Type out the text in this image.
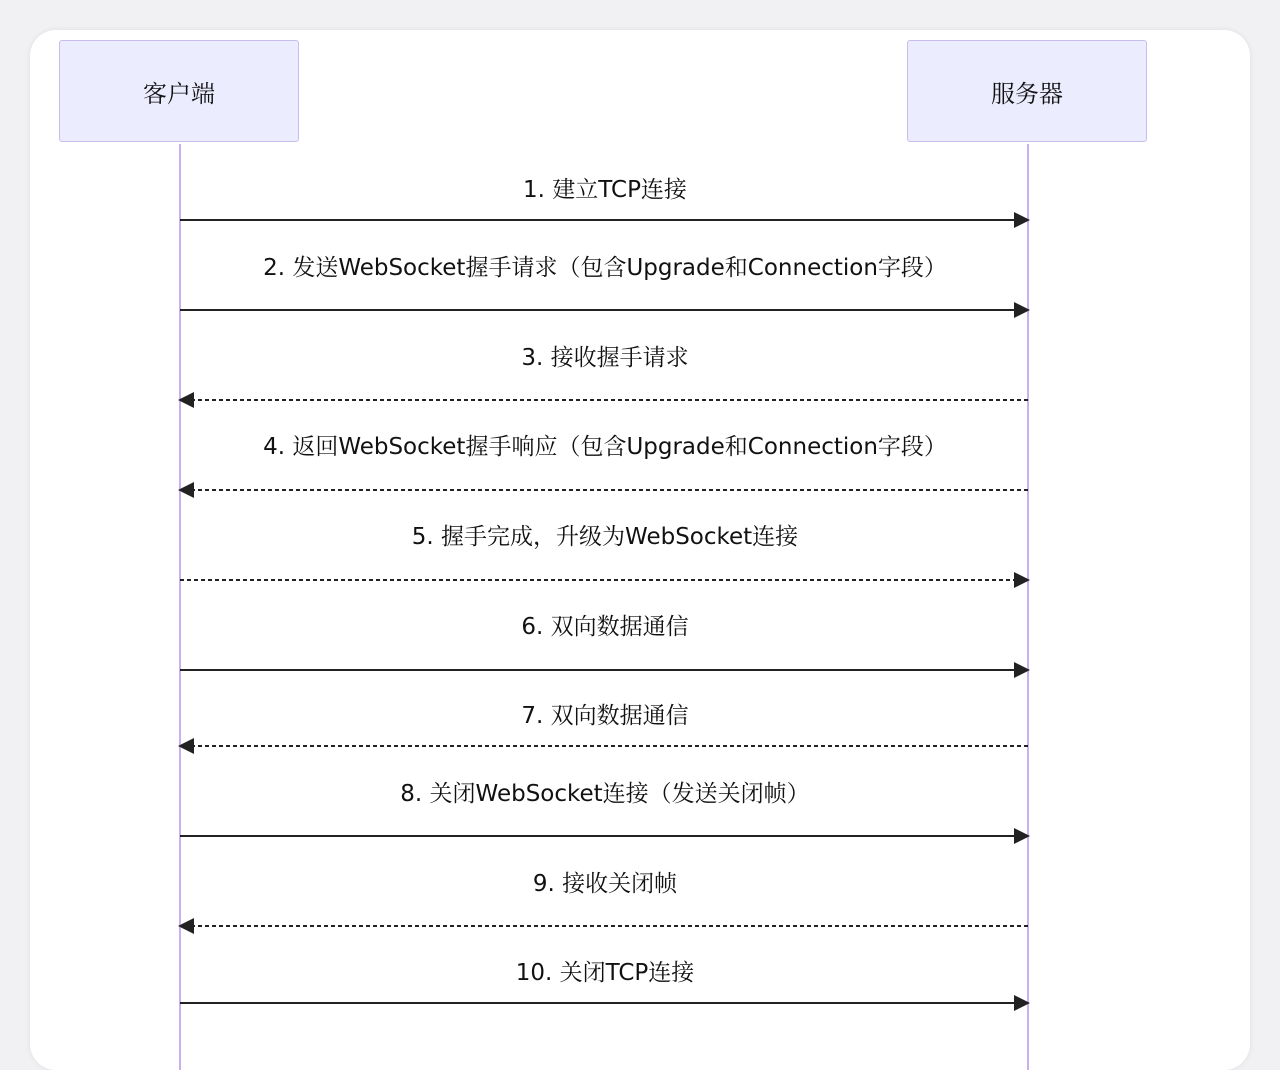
客户端	服务器
1. 建立TCP连接
2. 发送WebSocket握手请求（包含Upgrade和Connection字段）
3. 接收握手请求
4. 返回WebSocket握手响应（包含Upgrade和Connection字段）
5. 握手完成，升级为WebSocket连接
6. 双向数据通信
7. 双向数据通信
8. 关闭WebSocket连接（发送关闭帧）
9. 接收关闭帧
10. 关闭TCP连接
